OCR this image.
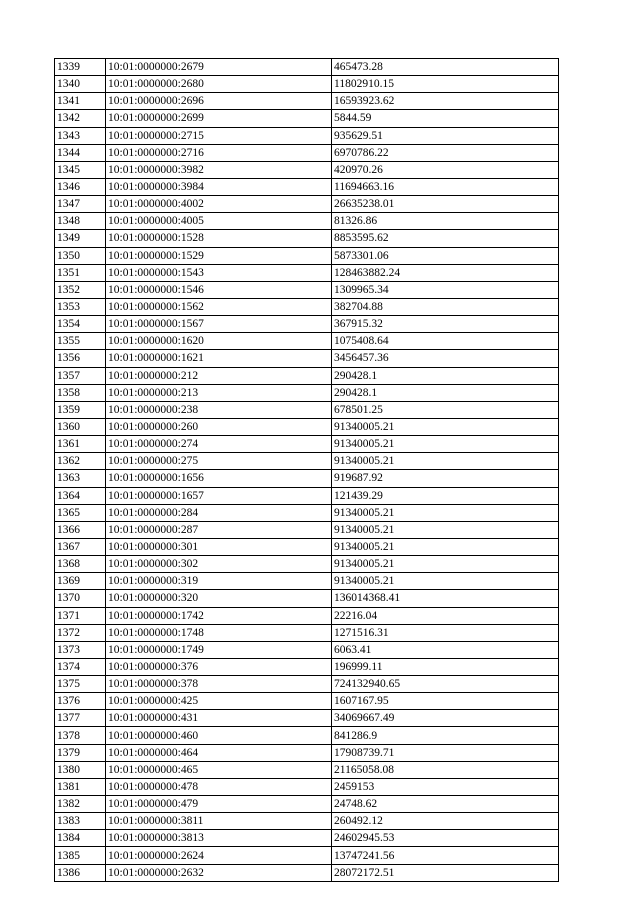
1339	10:01:0000000:2679	465473.28
1340	10:01:0000000:2680	11802910.15
1341	10:01:0000000:2696	16593923.62
1342	10:01:0000000:2699	5844.59
1343	10:01:0000000:2715	935629.51
1344	10:01:0000000:2716	6970786.22
1345	10:01:0000000:3982	420970.26
1346	10:01:0000000:3984	11694663.16
1347	10:01:0000000:4002	26635238.01
1348	10:01:0000000:4005	81326.86
1349	10:01:0000000:1528	8853595.62
1350	10:01:0000000:1529	5873301.06
1351	10:01:0000000:1543	128463882.24
1352	10:01:0000000:1546	1309965.34
1353	10:01:0000000:1562	382704.88
1354	10:01:0000000:1567	367915.32
1355	10:01:0000000:1620	1075408.64
1356	10:01:0000000:1621	3456457.36
1357	10:01:0000000:212	290428.1
1358	10:01:0000000:213	290428.1
1359	10:01:0000000:238	678501.25
1360	10:01:0000000:260	91340005.21
1361	10:01:0000000:274	91340005.21
1362	10:01:0000000:275	91340005.21
1363	10:01:0000000:1656	919687.92
1364	10:01:0000000:1657	121439.29
1365	10:01:0000000:284	91340005.21
1366	10:01:0000000:287	91340005.21
1367	10:01:0000000:301	91340005.21
1368	10:01:0000000:302	91340005.21
1369	10:01:0000000:319	91340005.21
1370	10:01:0000000:320	136014368.41
1371	10:01:0000000:1742	22216.04
1372	10:01:0000000:1748	1271516.31
1373	10:01:0000000:1749	6063.41
1374	10:01:0000000:376	196999.11
1375	10:01:0000000:378	724132940.65
1376	10:01:0000000:425	1607167.95
1377	10:01:0000000:431	34069667.49
1378	10:01:0000000:460	841286.9
1379	10:01:0000000:464	17908739.71
1380	10:01:0000000:465	21165058.08
1381	10:01:0000000:478	2459153
1382	10:01:0000000:479	24748.62
1383	10:01:0000000:3811	260492.12
1384	10:01:0000000:3813	24602945.53
1385	10:01:0000000:2624	13747241.56
1386	10:01:0000000:2632	28072172.51
